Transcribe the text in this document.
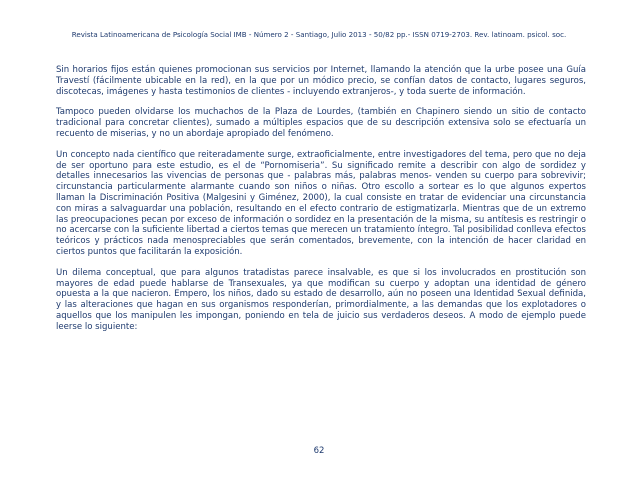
Revista Latinoamericana de Psicología Social IMB - Número 2 - Santiago, Julio 2013 - 50/82 pp.- ISSN 0719-2703. Rev. latinoam. psicol. soc.

Sin horarios fijos están quienes promocionan sus servicios por Internet, llamando la atención que la urbe posee una Guía Travestí (fácilmente ubicable en la red), en la que por un módico precio, se confían datos de contacto, lugares seguros, discotecas, imágenes y hasta testimonios de clientes - incluyendo extranjeros-, y toda suerte de información.

Tampoco pueden olvidarse los muchachos de la Plaza de Lourdes, (también en Chapinero siendo un sitio de contacto tradicional para concretar clientes), sumado a múltiples espacios que de su descripción extensiva solo se efectuaría un recuento de miserias, y no un abordaje apropiado del fenómeno.

Un concepto nada científico que reiteradamente surge, extraoficialmente, entre investigadores del tema, pero que no deja de ser oportuno para este estudio, es el de “Pornomiseria”. Su significado remite a describir con algo de sordidez y detalles innecesarios las vivencias de personas que - palabras más, palabras menos- venden su cuerpo para sobrevivir; circunstancia particularmente alarmante cuando son niños o niñas. Otro escollo a sortear es lo que algunos expertos llaman la Discriminación Positiva (Malgesini y Giménez, 2000), la cual consiste en tratar de evidenciar una circunstancia con miras a salvaguardar una población, resultando en el efecto contrario de estigmatizarla. Mientras que de un extremo las preocupaciones pecan por exceso de información o sordidez en la presentación de la misma, su antítesis es restringir o no acercarse con la suficiente libertad a ciertos temas que merecen un tratamiento íntegro. Tal posibilidad conlleva efectos teóricos y prácticos nada menospreciables que serán comentados, brevemente, con la intención de hacer claridad en ciertos puntos que facilitarán la exposición.

Un dilema conceptual, que para algunos tratadistas parece insalvable, es que si los involucrados en prostitución son mayores de edad puede hablarse de Transexuales, ya que modifican su cuerpo y adoptan una identidad de género opuesta a la que nacieron. Empero, los niños, dado su estado de desarrollo, aún no poseen una Identidad Sexual definida, y las alteraciones que hagan en sus organismos responderían, primordialmente, a las demandas que los explotadores o aquellos que los manipulen les impongan, poniendo en tela de juicio sus verdaderos deseos. A modo de ejemplo puede leerse lo siguiente:

62
